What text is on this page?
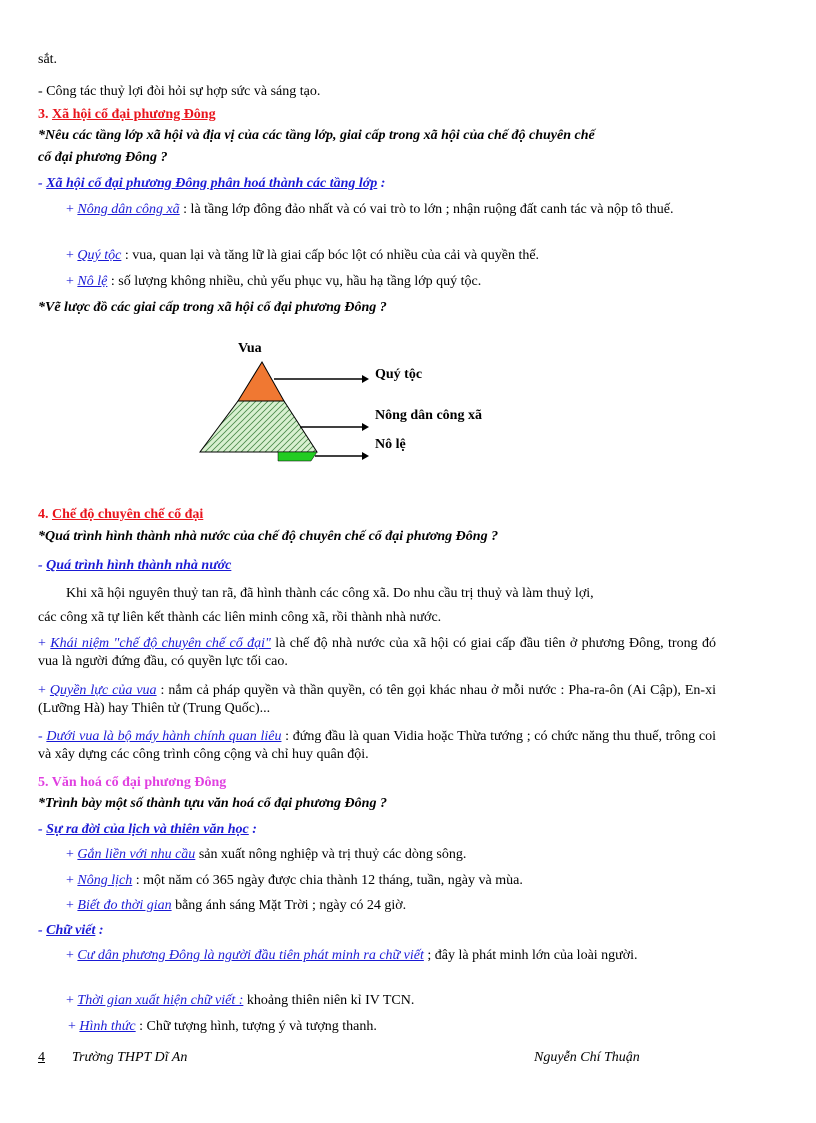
sắt.
- Công tác thuỷ lợi đòi hỏi sự hợp sức và sáng tạo.
3. Xã hội cổ đại phương Đông
*Nêu các tầng lớp xã hội và địa vị của các tầng lớp, giai cấp trong xã hội của chế độ chuyên chế
cổ đại phương Đông ?
- Xã hội cổ đại phương Đông phân hoá thành các tầng lớp :
+ Nông dân công xã : là tầng lớp đông đảo nhất và có vai trò to lớn ; nhận ruộng đất canh tác và nộp tô thuế.
+ Quý tộc : vua, quan lại và tăng lữ là giai cấp bóc lột có nhiều của cải và quyền thế.
+ Nô lệ : số lượng không nhiều, chủ yếu phục vụ, hầu hạ tầng lớp quý tộc.
*Vẽ lược đồ các giai cấp trong xã hội cổ đại phương Đông ?
Vua
Quý tộc
Nông dân công xã
Nô lệ
4. Chế độ chuyên chế cổ đại
*Quá trình hình thành nhà nước của chế độ chuyên chế cổ đại phương Đông ?
- Quá trình hình thành nhà nước
Khi xã hội nguyên thuỷ tan rã, đã hình thành các công xã. Do nhu cầu trị thuỷ và làm thuỷ lợi,
các công xã tự liên kết thành các liên minh công xã, rồi thành nhà nước.
+ Khái niệm "chế độ chuyên chế cổ đại" là chế độ nhà nước của xã hội có giai cấp đầu tiên ở phương Đông, trong đó vua là người đứng đầu, có quyền lực tối cao.
+ Quyền lực của vua : nắm cả pháp quyền và thần quyền, có tên gọi khác nhau ở mỗi nước : Pha-ra-ôn (Ai Cập), En-xi (Lưỡng Hà) hay Thiên tử (Trung Quốc)...
- Dưới vua là bộ máy hành chính quan liêu : đứng đầu là quan Vidia hoặc Thừa tướng ; có chức năng thu thuế, trông coi và xây dựng các công trình công cộng và chỉ huy quân đội.
5. Văn hoá cổ đại phương Đông
*Trình bày một số thành tựu văn hoá cổ đại phương Đông ?
- Sự ra đời của lịch và thiên văn học :
+ Gắn liền với nhu cầu sản xuất nông nghiệp và trị thuỷ các dòng sông.
+ Nông lịch : một năm có 365 ngày được chia thành 12 tháng, tuần, ngày và mùa.
+ Biết đo thời gian bằng ánh sáng Mặt Trời ; ngày có 24 giờ.
- Chữ viết :
+ Cư dân phương Đông là người đầu tiên phát minh ra chữ viết ; đây là phát minh lớn của loài người.
+ Thời gian xuất hiện chữ viết : khoảng thiên niên kỉ IV TCN.
+ Hình thức : Chữ tượng hình, tượng ý và tượng thanh.
4 Trường THPT Dĩ An	Nguyễn Chí Thuận
